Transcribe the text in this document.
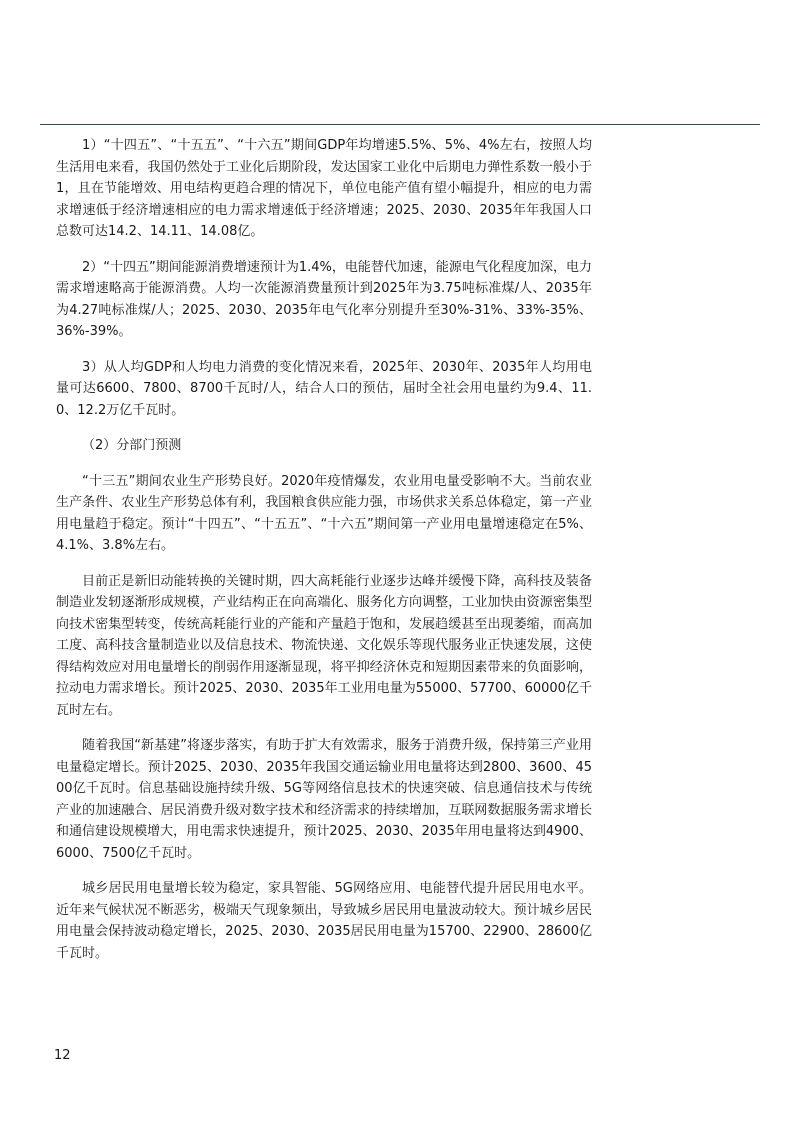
1）“十四五”、“十五五”、“十六五”期间GDP年均增速5.5%、5%、4%左右，按照人均生活用电来看，我国仍然处于工业化后期阶段，发达国家工业化中后期电力弹性系数一般小于1，且在节能增效、用电结构更趋合理的情况下，单位电能产值有望小幅提升，相应的电力需求增速低于经济增速相应的电力需求增速低于经济增速；2025、2030、2035年年我国人口总数可达14.2、14.11、14.08亿。

2）“十四五”期间能源消费增速预计为1.4%，电能替代加速，能源电气化程度加深，电力需求增速略高于能源消费。人均一次能源消费量预计到2025年为3.75吨标准煤/人、2035年为4.27吨标准煤/人；2025、2030、2035年电气化率分别提升至30%-31%、33%-35%、36%-39%。

3）从人均GDP和人均电力消费的变化情况来看，2025年、2030年、2035年人均用电量可达6600、7800、8700千瓦时/人，结合人口的预估，届时全社会用电量约为9.4、11.0、12.2万亿千瓦时。

（2）分部门预测

“十三五”期间农业生产形势良好。2020年疫情爆发，农业用电量受影响不大。当前农业生产条件、农业生产形势总体有利，我国粮食供应能力强，市场供求关系总体稳定，第一产业用电量趋于稳定。预计“十四五”、“十五五”、“十六五”期间第一产业用电量增速稳定在5%、4.1%、3.8%左右。

目前正是新旧动能转换的关键时期，四大高耗能行业逐步达峰并缓慢下降，高科技及装备制造业发轫逐渐形成规模，产业结构正在向高端化、服务化方向调整，工业加快由资源密集型向技术密集型转变，传统高耗能行业的产能和产量趋于饱和，发展趋缓甚至出现萎缩，而高加工度、高科技含量制造业以及信息技术、物流快递、文化娱乐等现代服务业正快速发展，这使得结构效应对用电量增长的削弱作用逐渐显现，将平抑经济休克和短期因素带来的负面影响，拉动电力需求增长。预计2025、2030、2035年工业用电量为55000、57700、60000亿千瓦时左右。

随着我国“新基建”将逐步落实，有助于扩大有效需求，服务于消费升级，保持第三产业用电量稳定增长。预计2025、2030、2035年我国交通运输业用电量将达到2800、3600、4500亿千瓦时。信息基础设施持续升级、5G等网络信息技术的快速突破、信息通信技术与传统产业的加速融合、居民消费升级对数字技术和经济需求的持续增加，互联网数据服务需求增长和通信建设规模增大，用电需求快速提升，预计2025、2030、2035年用电量将达到4900、6000、7500亿千瓦时。

城乡居民用电量增长较为稳定，家具智能、5G网络应用、电能替代提升居民用电水平。近年来气候状况不断恶劣，极端天气现象频出，导致城乡居民用电量波动较大。预计城乡居民用电量会保持波动稳定增长，2025、2030、2035居民用电量为15700、22900、28600亿千瓦时。

12
